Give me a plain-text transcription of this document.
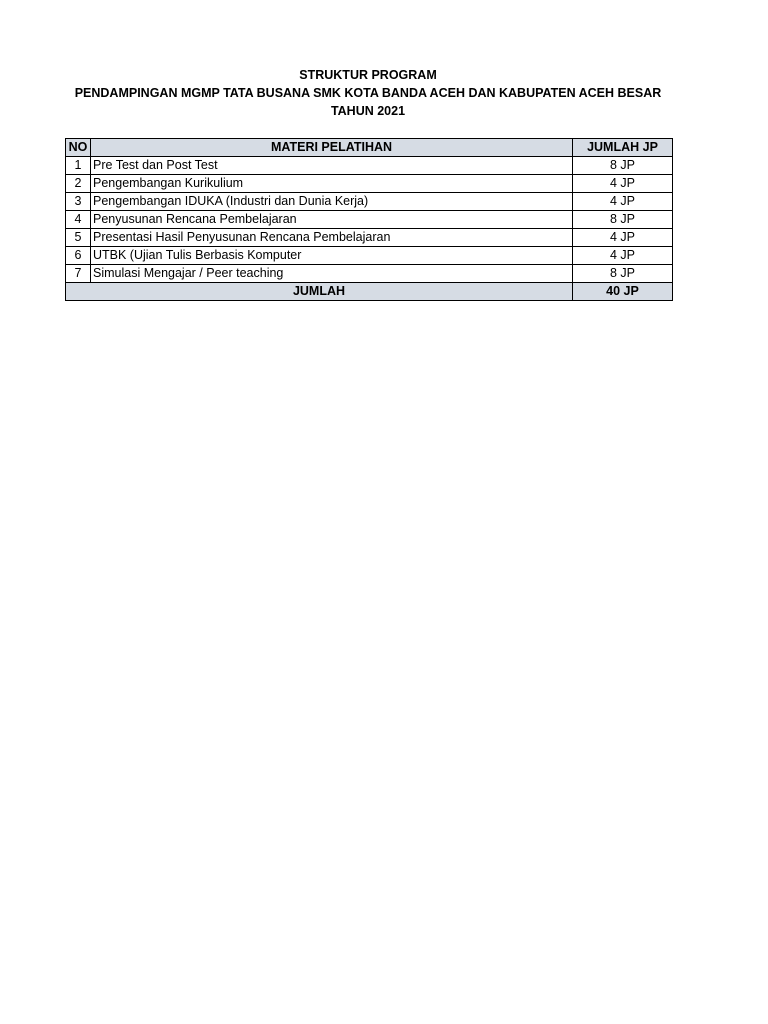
STRUKTUR PROGRAM
PENDAMPINGAN MGMP TATA BUSANA SMK KOTA BANDA ACEH DAN KABUPATEN ACEH BESAR
TAHUN 2021
NO	MATERI PELATIHAN	JUMLAH JP
1	Pre Test dan Post Test	8 JP
2	Pengembangan Kurikulium	4 JP
3	Pengembangan IDUKA (Industri dan Dunia Kerja)	4 JP
4	Penyusunan Rencana Pembelajaran	8 JP
5	Presentasi Hasil Penyusunan Rencana Pembelajaran	4 JP
6	UTBK (Ujian Tulis Berbasis Komputer	4 JP
7	Simulasi Mengajar / Peer teaching	8 JP
JUMLAH		40 JP
